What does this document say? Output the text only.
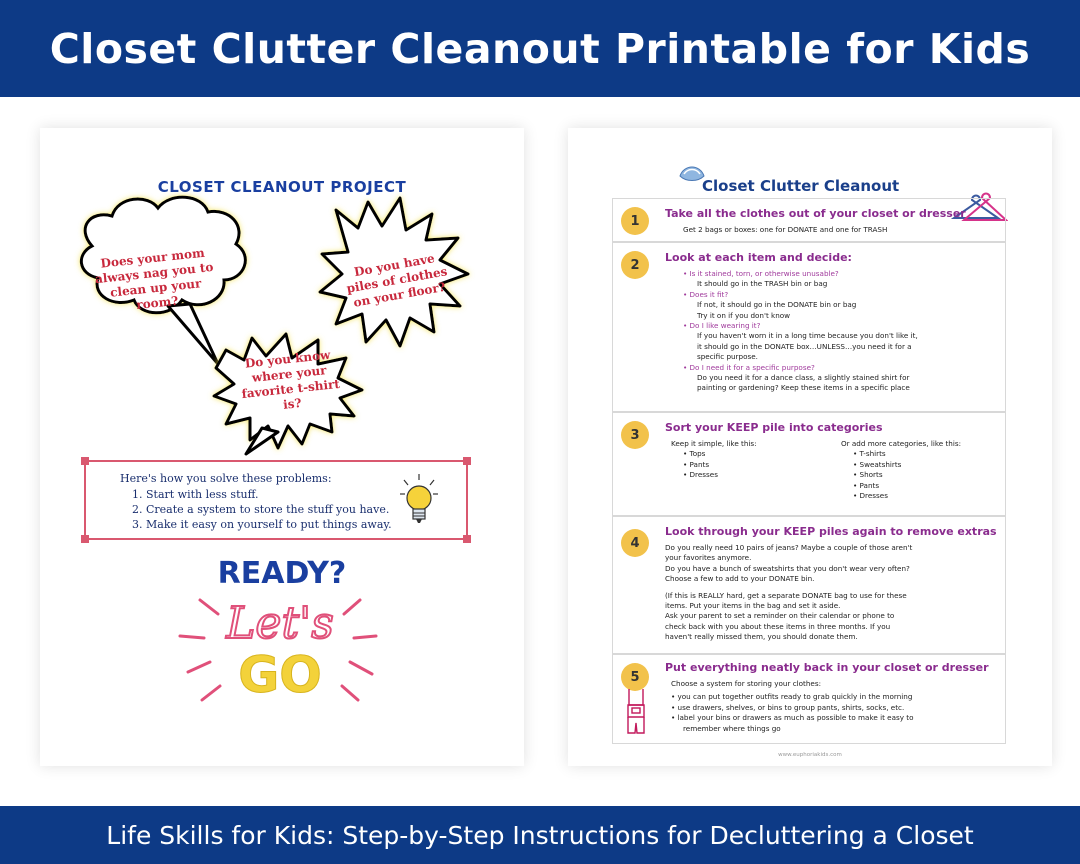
Closet Clutter Cleanout Printable for Kids
CLOSET CLEANOUT PROJECT
Does your mom always nag you to clean up your room?
Do you have piles of clothes on your floor?
Do you know where your favorite t-shirt is?
Here's how you solve these problems:
1. Start with less stuff.
2. Create a system to store the stuff you have.
3. Make it easy on yourself to put things away.
READY?
Let's
GO
Closet Clutter Cleanout
1	Take all the clothes out of your closet or dresser
Get 2 bags or boxes: one for DONATE and one for TRASH
2	Look at each item and decide:
• Is it stained, torn, or otherwise unusable?
It should go in the TRASH bin or bag
• Does it fit?
If not, it should go in the DONATE bin or bag
Try it on if you don't know
• Do I like wearing it?
If you haven't worn it in a long time because you don't like it,
it should go in the DONATE box…UNLESS…you need it for a
specific purpose.
• Do I need it for a specific purpose?
Do you need it for a dance class, a slightly stained shirt for
painting or gardening? Keep these items in a specific place
3	Sort your KEEP pile into categories
Keep it simple, like this:
• Tops
• Pants
• Dresses
Or add more categories, like this:
• T-shirts
• Sweatshirts
• Shorts
• Pants
• Dresses
4
Look through your KEEP piles again to remove extras
Do you really need 10 pairs of jeans? Maybe a couple of those aren't
your favorites anymore.
Do you have a bunch of sweatshirts that you don't wear very often?
Choose a few to add to your DONATE bin.
(If this is REALLY hard, get a separate DONATE bag to use for these
items. Put your items in the bag and set it aside.
Ask your parent to set a reminder on their calendar or phone to
check back with you about these items in three months. If you
haven't really missed them, you should donate them.
5
Put everything neatly back in your closet or dresser
Choose a system for storing your clothes:
• you can put together outfits ready to grab quickly in the morning
• use drawers, shelves, or bins to group pants, shirts, socks, etc.
• label your bins or drawers as much as possible to make it easy to
remember where things go
www.euphoriakids.com

Life Skills for Kids: Step-by-Step Instructions for Decluttering a Closet
